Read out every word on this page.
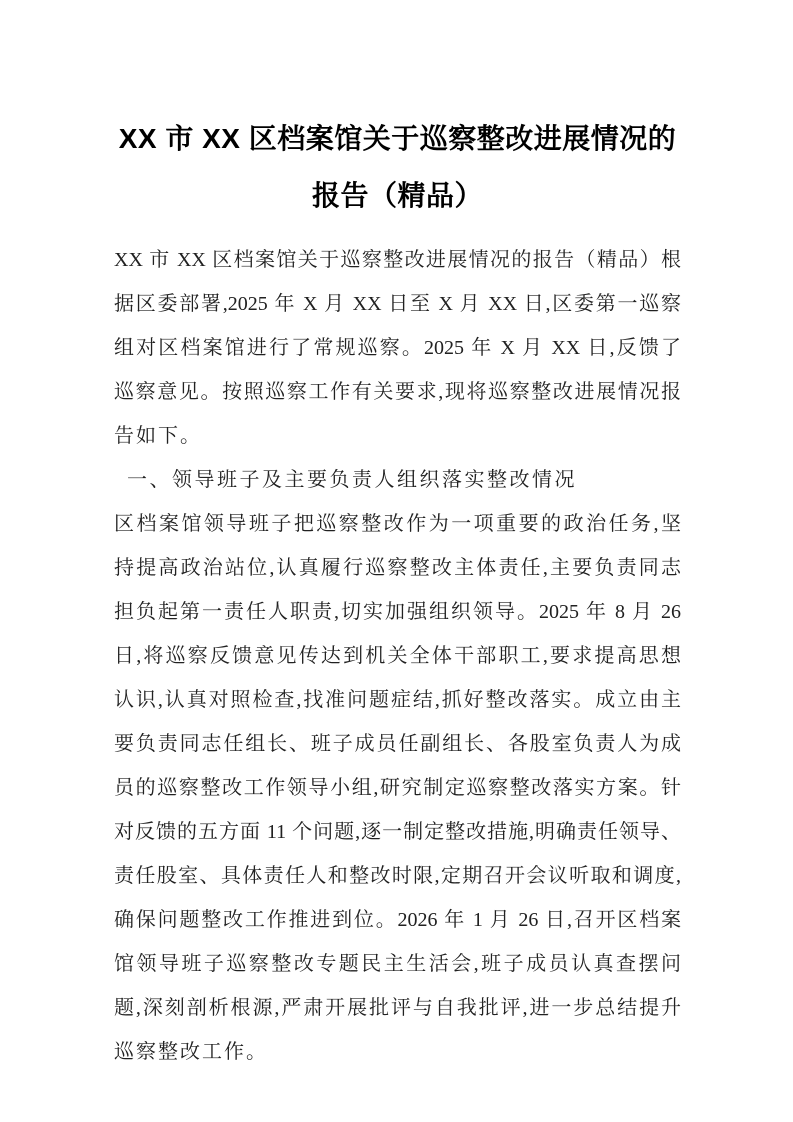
XX 市 XX 区档案馆关于巡察整改进展情况的
报告（精品）

XX 市 XX 区档案馆关于巡察整改进展情况的报告（精品）根

据区委部署,2025 年 X 月 XX 日至 X 月 XX 日,区委第一巡察

组对区档案馆进行了常规巡察。2025 年 X 月 XX 日,反馈了

巡察意见。按照巡察工作有关要求,现将巡察整改进展情况报

告如下。

一、领导班子及主要负责人组织落实整改情况

区档案馆领导班子把巡察整改作为一项重要的政治任务,坚

持提高政治站位,认真履行巡察整改主体责任,主要负责同志

担负起第一责任人职责,切实加强组织领导。2025 年 8 月 26

日,将巡察反馈意见传达到机关全体干部职工,要求提高思想

认识,认真对照检查,找准问题症结,抓好整改落实。成立由主

要负责同志任组长、班子成员任副组长、各股室负责人为成

员的巡察整改工作领导小组,研究制定巡察整改落实方案。针

对反馈的五方面 11 个问题,逐一制定整改措施,明确责任领导、

责任股室、具体责任人和整改时限,定期召开会议听取和调度,

确保问题整改工作推进到位。2026 年 1 月 26 日,召开区档案

馆领导班子巡察整改专题民主生活会,班子成员认真查摆问

题,深刻剖析根源,严肃开展批评与自我批评,进一步总结提升

巡察整改工作。
